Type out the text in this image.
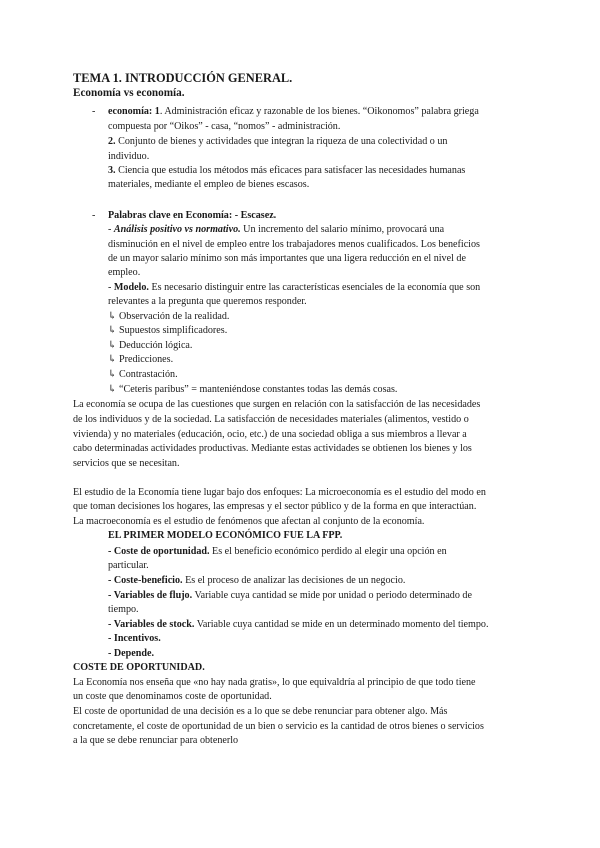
TEMA 1. INTRODUCCIÓN GENERAL.
Economía vs economía.
- economía: 1. Administración eficaz y razonable de los bienes. “Oikonomos” palabra griega
compuesta por “Oikos” - casa, “nomos” - administración.
2. Conjunto de bienes y actividades que integran la riqueza de una colectividad o un
individuo.
3. Ciencia que estudia los métodos más eficaces para satisfacer las necesidades humanas
materiales, mediante el empleo de bienes escasos.
- Palabras clave en Economía: - Escasez.
- Análisis positivo vs normativo. Un incremento del salario mínimo, provocará una
disminución en el nivel de empleo entre los trabajadores menos cualificados. Los beneficios
de un mayor salario mínimo son más importantes que una ligera reducción en el nivel de
empleo.
- Modelo. Es necesario distinguir entre las características esenciales de la economía que son
relevantes a la pregunta que queremos responder.
↳ Observación de la realidad.
↳ Supuestos simplificadores.
↳ Deducción lógica.
↳ Predicciones.
↳ Contrastación.
↳ “Ceteris paribus” = manteniéndose constantes todas las demás cosas.
La economía se ocupa de las cuestiones que surgen en relación con la satisfacción de las necesidades
de los individuos y de la sociedad. La satisfacción de necesidades materiales (alimentos, vestido o
vivienda) y no materiales (educación, ocio, etc.) de una sociedad obliga a sus miembros a llevar a
cabo determinadas actividades productivas. Mediante estas actividades se obtienen los bienes y los
servicios que se necesitan.
El estudio de la Economía tiene lugar bajo dos enfoques: La microeconomía es el estudio del modo en
que toman decisiones los hogares, las empresas y el sector público y de la forma en que interactúan.
La macroeconomía es el estudio de fenómenos que afectan al conjunto de la economía.
EL PRIMER MODELO ECONÓMICO FUE LA FPP.
- Coste de oportunidad. Es el beneficio económico perdido al elegir una opción en
particular.
- Coste-beneficio. Es el proceso de analizar las decisiones de un negocio.
- Variables de flujo. Variable cuya cantidad se mide por unidad o periodo determinado de
tiempo.
- Variables de stock. Variable cuya cantidad se mide en un determinado momento del tiempo.
- Incentivos.
- Depende.
COSTE DE OPORTUNIDAD.
La Economía nos enseña que «no hay nada gratis», lo que equivaldría al principio de que todo tiene
un coste que denominamos coste de oportunidad.
El coste de oportunidad de una decisión es a lo que se debe renunciar para obtener algo. Más
concretamente, el coste de oportunidad de un bien o servicio es la cantidad de otros bienes o servicios
a la que se debe renunciar para obtenerlo
